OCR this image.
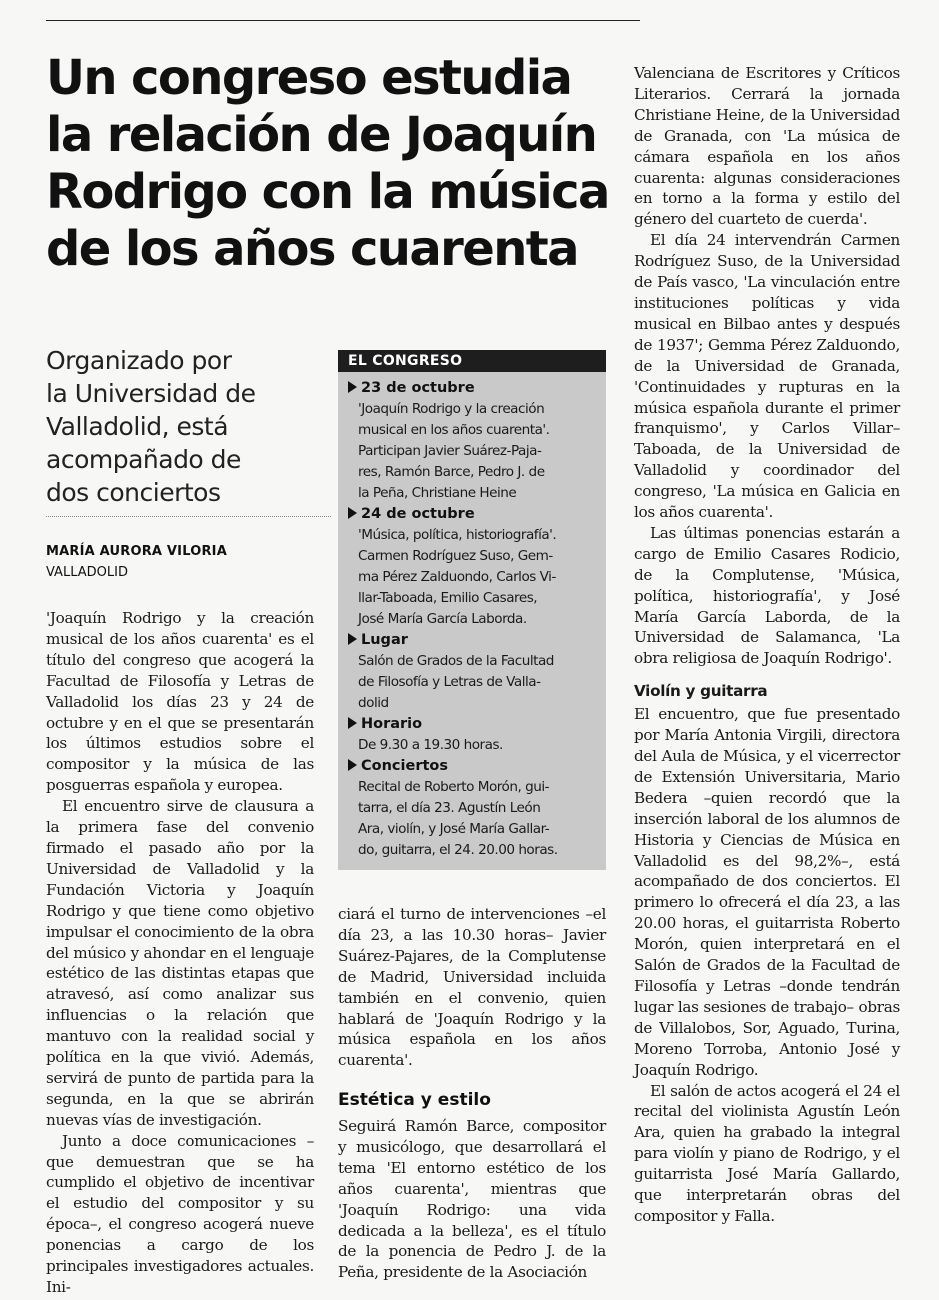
Un congreso estudia
la relación de Joaquín
Rodrigo con la música
de los años cuarenta
Organizado por
la Universidad de
Valladolid, está
acompañado de
dos conciertos
MARÍA AURORA VILORIA
VALLADOLID

'Joaquín Rodrigo y la creación musical de los años cuarenta' es el título del congreso que acogerá la Facultad de Filosofía y Letras de Valladolid los días 23 y 24 de octubre y en el que se presentarán los últimos estudios sobre el compositor y la música de las posguerras española y europea.

El encuentro sirve de clausura a la primera fase del convenio firmado el pasado año por la Universidad de Valladolid y la Fundación Victoria y Joaquín Rodrigo y que tiene como objetivo impulsar el conocimiento de la obra del músico y ahondar en el lenguaje estético de las distintas etapas que atravesó, así como analizar sus influencias o la relación que mantuvo con la realidad social y política en la que vivió. Además, servirá de punto de partida para la segunda, en la que se abrirán nuevas vías de investigación.

Junto a doce comunicaciones –que demuestran que se ha cumplido el objetivo de incentivar el estudio del compositor y su época–, el congreso acogerá nueve ponencias a cargo de los principales investigadores actuales. Ini-

EL CONGRESO
23 de octubre
'Joaquín Rodrigo y la creación
musical en los años cuarenta'.
Participan Javier Suárez-Paja-
res, Ramón Barce, Pedro J. de
la Peña, Christiane Heine
24 de octubre
'Música, política, historiografía'.
Carmen Rodríguez Suso, Gem-
ma Pérez Zalduondo, Carlos Vi-
llar-Taboada, Emilio Casares,
José María García Laborda.
Lugar
Salón de Grados de la Facultad
de Filosofía y Letras de Valla-
dolid
Horario
De 9.30 a 19.30 horas.
Conciertos
Recital de Roberto Morón, gui-
tarra, el día 23. Agustín León
Ara, violín, y José María Gallar-
do, guitarra, el 24. 20.00 horas.

ciará el turno de intervenciones –el día 23, a las 10.30 horas– Javier Suárez-Pajares, de la Complutense de Madrid, Universidad incluida también en el convenio, quien hablará de 'Joaquín Rodrigo y la música española en los años cuarenta'.

Estética y estilo

Seguirá Ramón Barce, compositor y musicólogo, que desarrollará el tema 'El entorno estético de los años cuarenta', mientras que 'Joaquín Rodrigo: una vida dedicada a la belleza', es el título de la ponencia de Pedro J. de la Peña, presidente de la Asociación

Valenciana de Escritores y Críticos Literarios. Cerrará la jornada Christiane Heine, de la Universidad de Granada, con 'La música de cámara española en los años cuarenta: algunas consideraciones en torno a la forma y estilo del género del cuarteto de cuerda'.

El día 24 intervendrán Carmen Rodríguez Suso, de la Universidad de País vasco, 'La vinculación entre instituciones políticas y vida musical en Bilbao antes y después de 1937'; Gemma Pérez Zalduondo, de la Universidad de Granada, 'Continuidades y rupturas en la música española durante el primer franquismo', y Carlos Villar–Taboada, de la Universidad de Valladolid y coordinador del congreso, 'La música en Galicia en los años cuarenta'.

Las últimas ponencias estarán a cargo de Emilio Casares Rodicio, de la Complutense, 'Música, política, historiografía', y José María García Laborda, de la Universidad de Salamanca, 'La obra religiosa de Joaquín Rodrigo'.

Violín y guitarra

El encuentro, que fue presentado por María Antonia Virgili, directora del Aula de Música, y el vicerrector de Extensión Universitaria, Mario Bedera –quien recordó que la inserción laboral de los alumnos de Historia y Ciencias de Música en Valladolid es del 98,2%–, está acompañado de dos conciertos. El primero lo ofrecerá el día 23, a las 20.00 horas, el guitarrista Roberto Morón, quien interpretará en el Salón de Grados de la Facultad de Filosofía y Letras –donde tendrán lugar las sesiones de trabajo– obras de Villalobos, Sor, Aguado, Turina, Moreno Torroba, Antonio José y Joaquín Rodrigo.

El salón de actos acogerá el 24 el recital del violinista Agustín León Ara, quien ha grabado la integral para violín y piano de Rodrigo, y el guitarrista José María Gallardo, que interpretarán obras del compositor y Falla.
